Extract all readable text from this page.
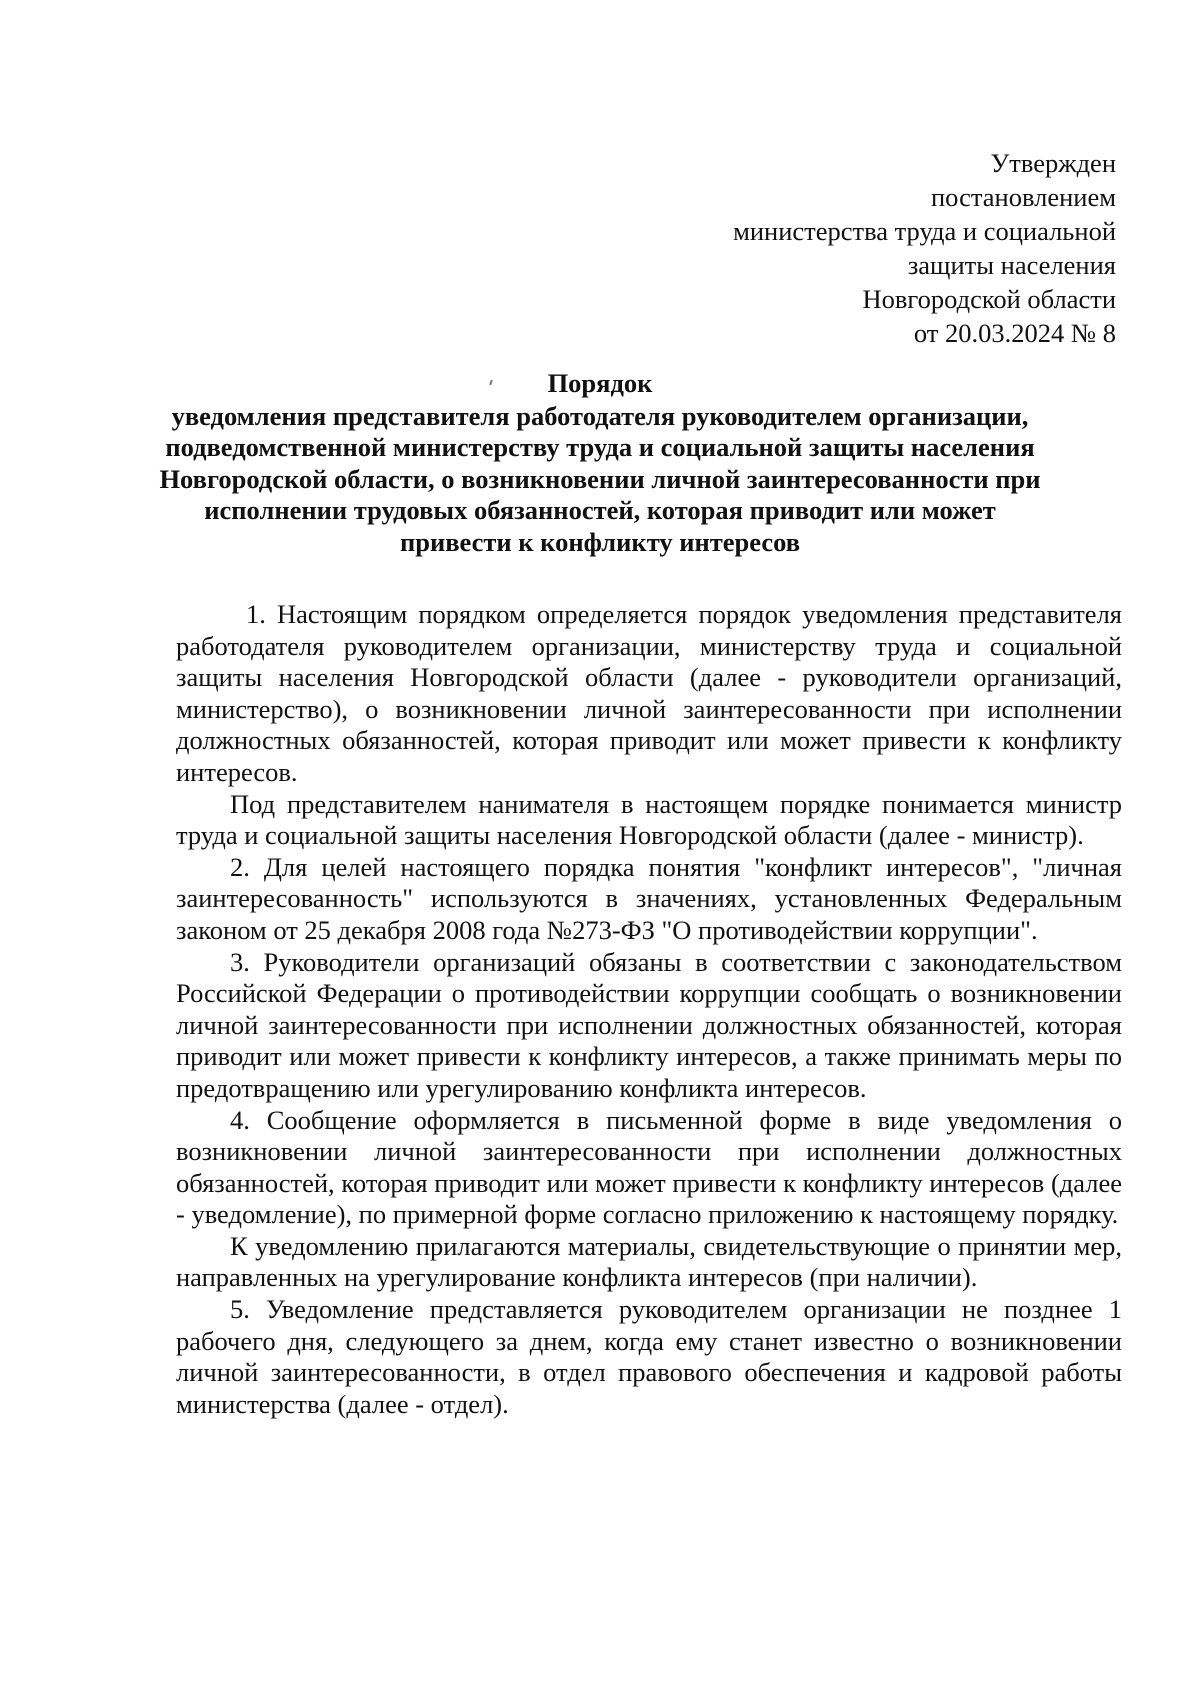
Утвержден
постановлением
министерства труда и социальной
защиты населения
Новгородской области
от 20.03.2024 № 8
Порядок
уведомления представителя работодателя руководителем организации,
подведомственной министерству труда и социальной защиты населения
Новгородской области, о возникновении личной заинтересованности при
исполнении трудовых обязанностей, которая приводит или может
привести к конфликту интересов

1. Настоящим порядком определяется порядок уведомления представителя работодателя руководителем организации, министерству труда и социальной защиты населения Новгородской области (далее - руководители организаций, министерство), о возникновении личной заинтересованности при исполнении должностных обязанностей, которая приводит или может привести к конфликту интересов.

Под представителем нанимателя в настоящем порядке понимается министр труда и социальной защиты населения Новгородской области (далее - министр).

2. Для целей настоящего порядка понятия "конфликт интересов", "личная заинтересованность" используются в значениях, установленных Федеральным законом от 25 декабря 2008 года №273-ФЗ "О противодействии коррупции".

3. Руководители организаций обязаны в соответствии с законодательством Российской Федерации о противодействии коррупции сообщать о возникновении личной заинтересованности при исполнении должностных обязанностей, которая приводит или может привести к конфликту интересов, а также принимать меры по предотвращению или урегулированию конфликта интересов.

4. Сообщение оформляется в письменной форме в виде уведомления о возникновении личной заинтересованности при исполнении должностных обязанностей, которая приводит или может привести к конфликту интересов (далее - уведомление), по примерной форме согласно приложению к настоящему порядку.

К уведомлению прилагаются материалы, свидетельствующие о принятии мер, направленных на урегулирование конфликта интересов (при наличии).

5. Уведомление представляется руководителем организации не позднее 1 рабочего дня, следующего за днем, когда ему станет известно о возникновении личной заинтересованности, в отдел правового обеспечения и кадровой работы министерства (далее - отдел).
